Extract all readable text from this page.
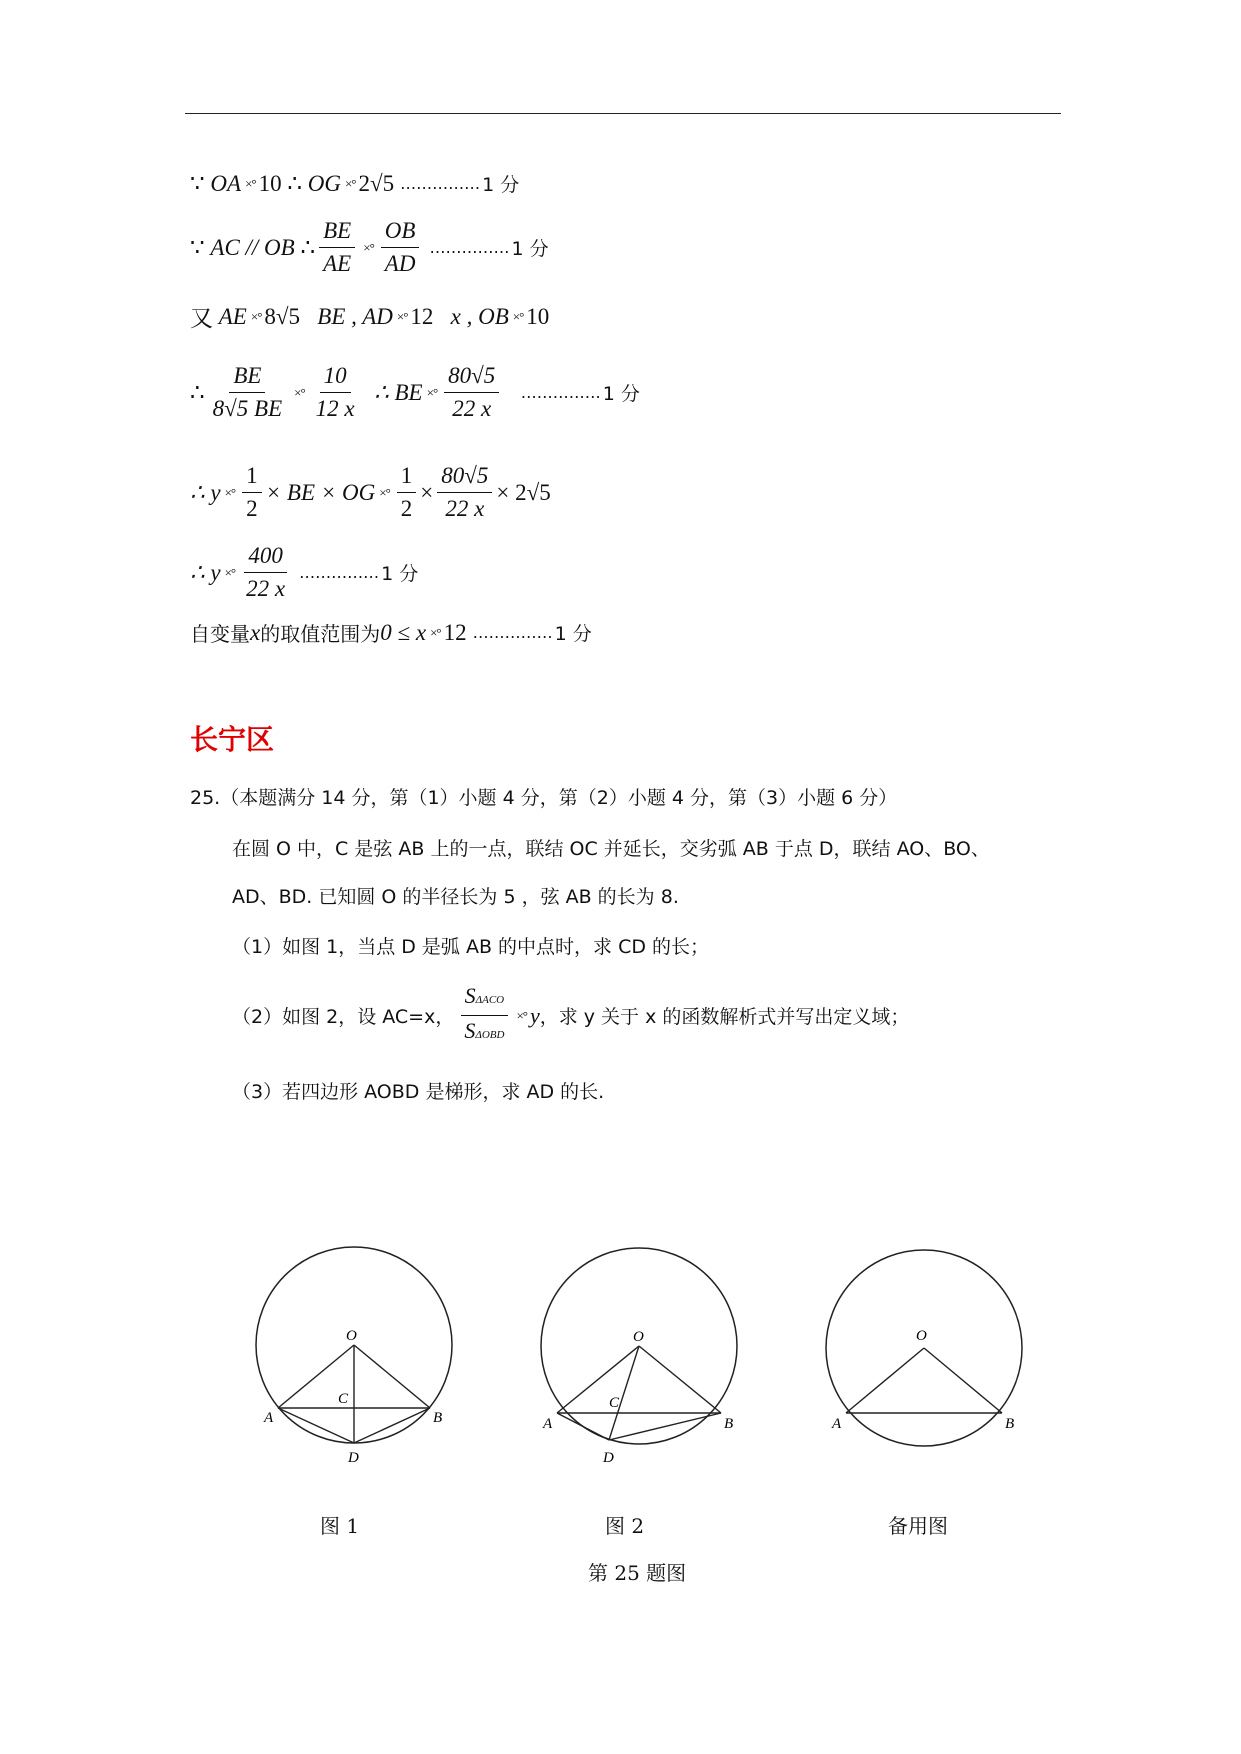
∵
OA ×° 10
∴
OG ×° 2√5 …………… 1 分
∵
AC // OB
∴ $\frac{BE}{AE}$ ×° $\frac{OB}{AD}$ …………… 1 分
又
AE ×° 8√5
BE , AD ×° 12
x , OB ×° 10
∴ $\frac{BE}{8√5 BE}$ ×° $\frac{10}{12 x}$
∴ BE ×° $\frac{80√5}{22 x}$
…………… 1 分
∴ y ×° $\frac{1}{2}$ × BE × OG ×° $\frac{1}{2} \times \frac{80√5}{22 x} \times 2√5$
∴ y ×° $\frac{400}{22 x}$ …………… 1 分
自变量 x 的取值范围为 0 ≤ x ×° 12 …………… 1 分
长宁区
25.（本题满分 14 分，第（1）小题 4 分，第（2）小题 4 分，第（3）小题 6 分）
在圆 O 中，C 是弦 AB 上的一点，联结 OC 并延长，交劣弧 AB 于点 D，联结 AO、BO、
AD、BD. 已知圆 O 的半径长为 5 ，弦 AB 的长为 8.
（1）如图 1，当点 D 是弧 AB 的中点时，求 CD 的长；
（2）如图 2，设 AC=x， $\frac{\text{SΔACO}}{\text{SΔOBD}}$ ×° y ，求 y 关于 x 的函数解析式并写出定义域；
（3）若四边形 AOBD 是梯形，求 AD 的长.
O
A	B
C
D
O
A	B
C
D
O
A	B
图 1	图 2	备用图
第 25 题图
